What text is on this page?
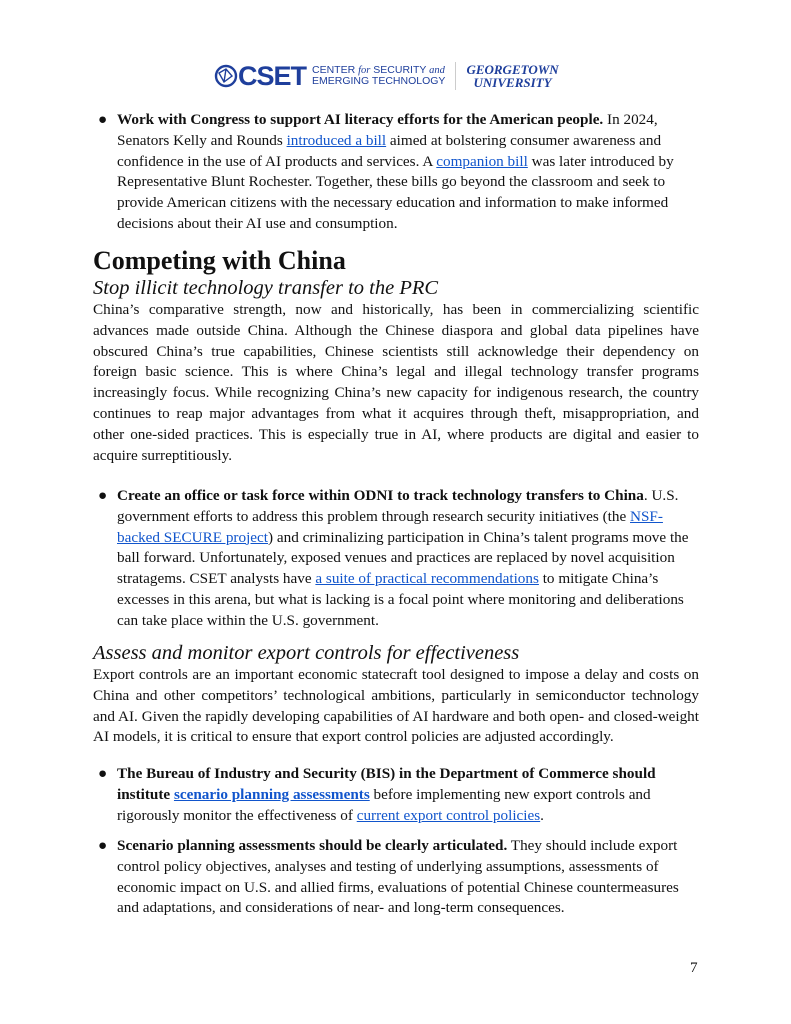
CSET CENTER for SECURITY and
EMERGING TECHNOLOGY
GEORGETOWN
UNIVERSITY
● Work with Congress to support AI literacy efforts for the American people. In 2024, Senators Kelly and Rounds introduced a bill aimed at bolstering consumer awareness and confidence in the use of AI products and services. A companion bill was later introduced by Representative Blunt Rochester. Together, these bills go beyond the classroom and seek to provide American citizens with the necessary education and information to make informed decisions about their AI use and consumption.

Competing with China
Stop illicit technology transfer to the PRC

China’s comparative strength, now and historically, has been in commercializing scientific advances made outside China. Although the Chinese diaspora and global data pipelines have obscured China’s true capabilities, Chinese scientists still acknowledge their dependency on foreign basic science. This is where China’s legal and illegal technology transfer programs increasingly focus. While recognizing China’s new capacity for indigenous research, the country continues to reap major advantages from what it acquires through theft, misappropriation, and other one-sided practices. This is especially true in AI, where products are digital and easier to acquire surreptitiously.

● Create an office or task force within ODNI to track technology transfers to China. U.S. government efforts to address this problem through research security initiatives (the NSF-backed SECURE project) and criminalizing participation in China’s talent programs move the ball forward. Unfortunately, exposed venues and practices are replaced by novel acquisition stratagems. CSET analysts have a suite of practical recommendations to mitigate China’s excesses in this arena, but what is lacking is a focal point where monitoring and deliberations can take place within the U.S. government.

Assess and monitor export controls for effectiveness

Export controls are an important economic statecraft tool designed to impose a delay and costs on China and other competitors’ technological ambitions, particularly in semiconductor technology and AI. Given the rapidly developing capabilities of AI hardware and both open- and closed-weight AI models, it is critical to ensure that export control policies are adjusted accordingly.

● The Bureau of Industry and Security (BIS) in the Department of Commerce should institute scenario planning assessments before implementing new export controls and rigorously monitor the effectiveness of current export control policies.

● Scenario planning assessments should be clearly articulated. They should include export control policy objectives, analyses and testing of underlying assumptions, assessments of economic impact on U.S. and allied firms, evaluations of potential Chinese countermeasures and adaptations, and considerations of near- and long-term consequences.

7
